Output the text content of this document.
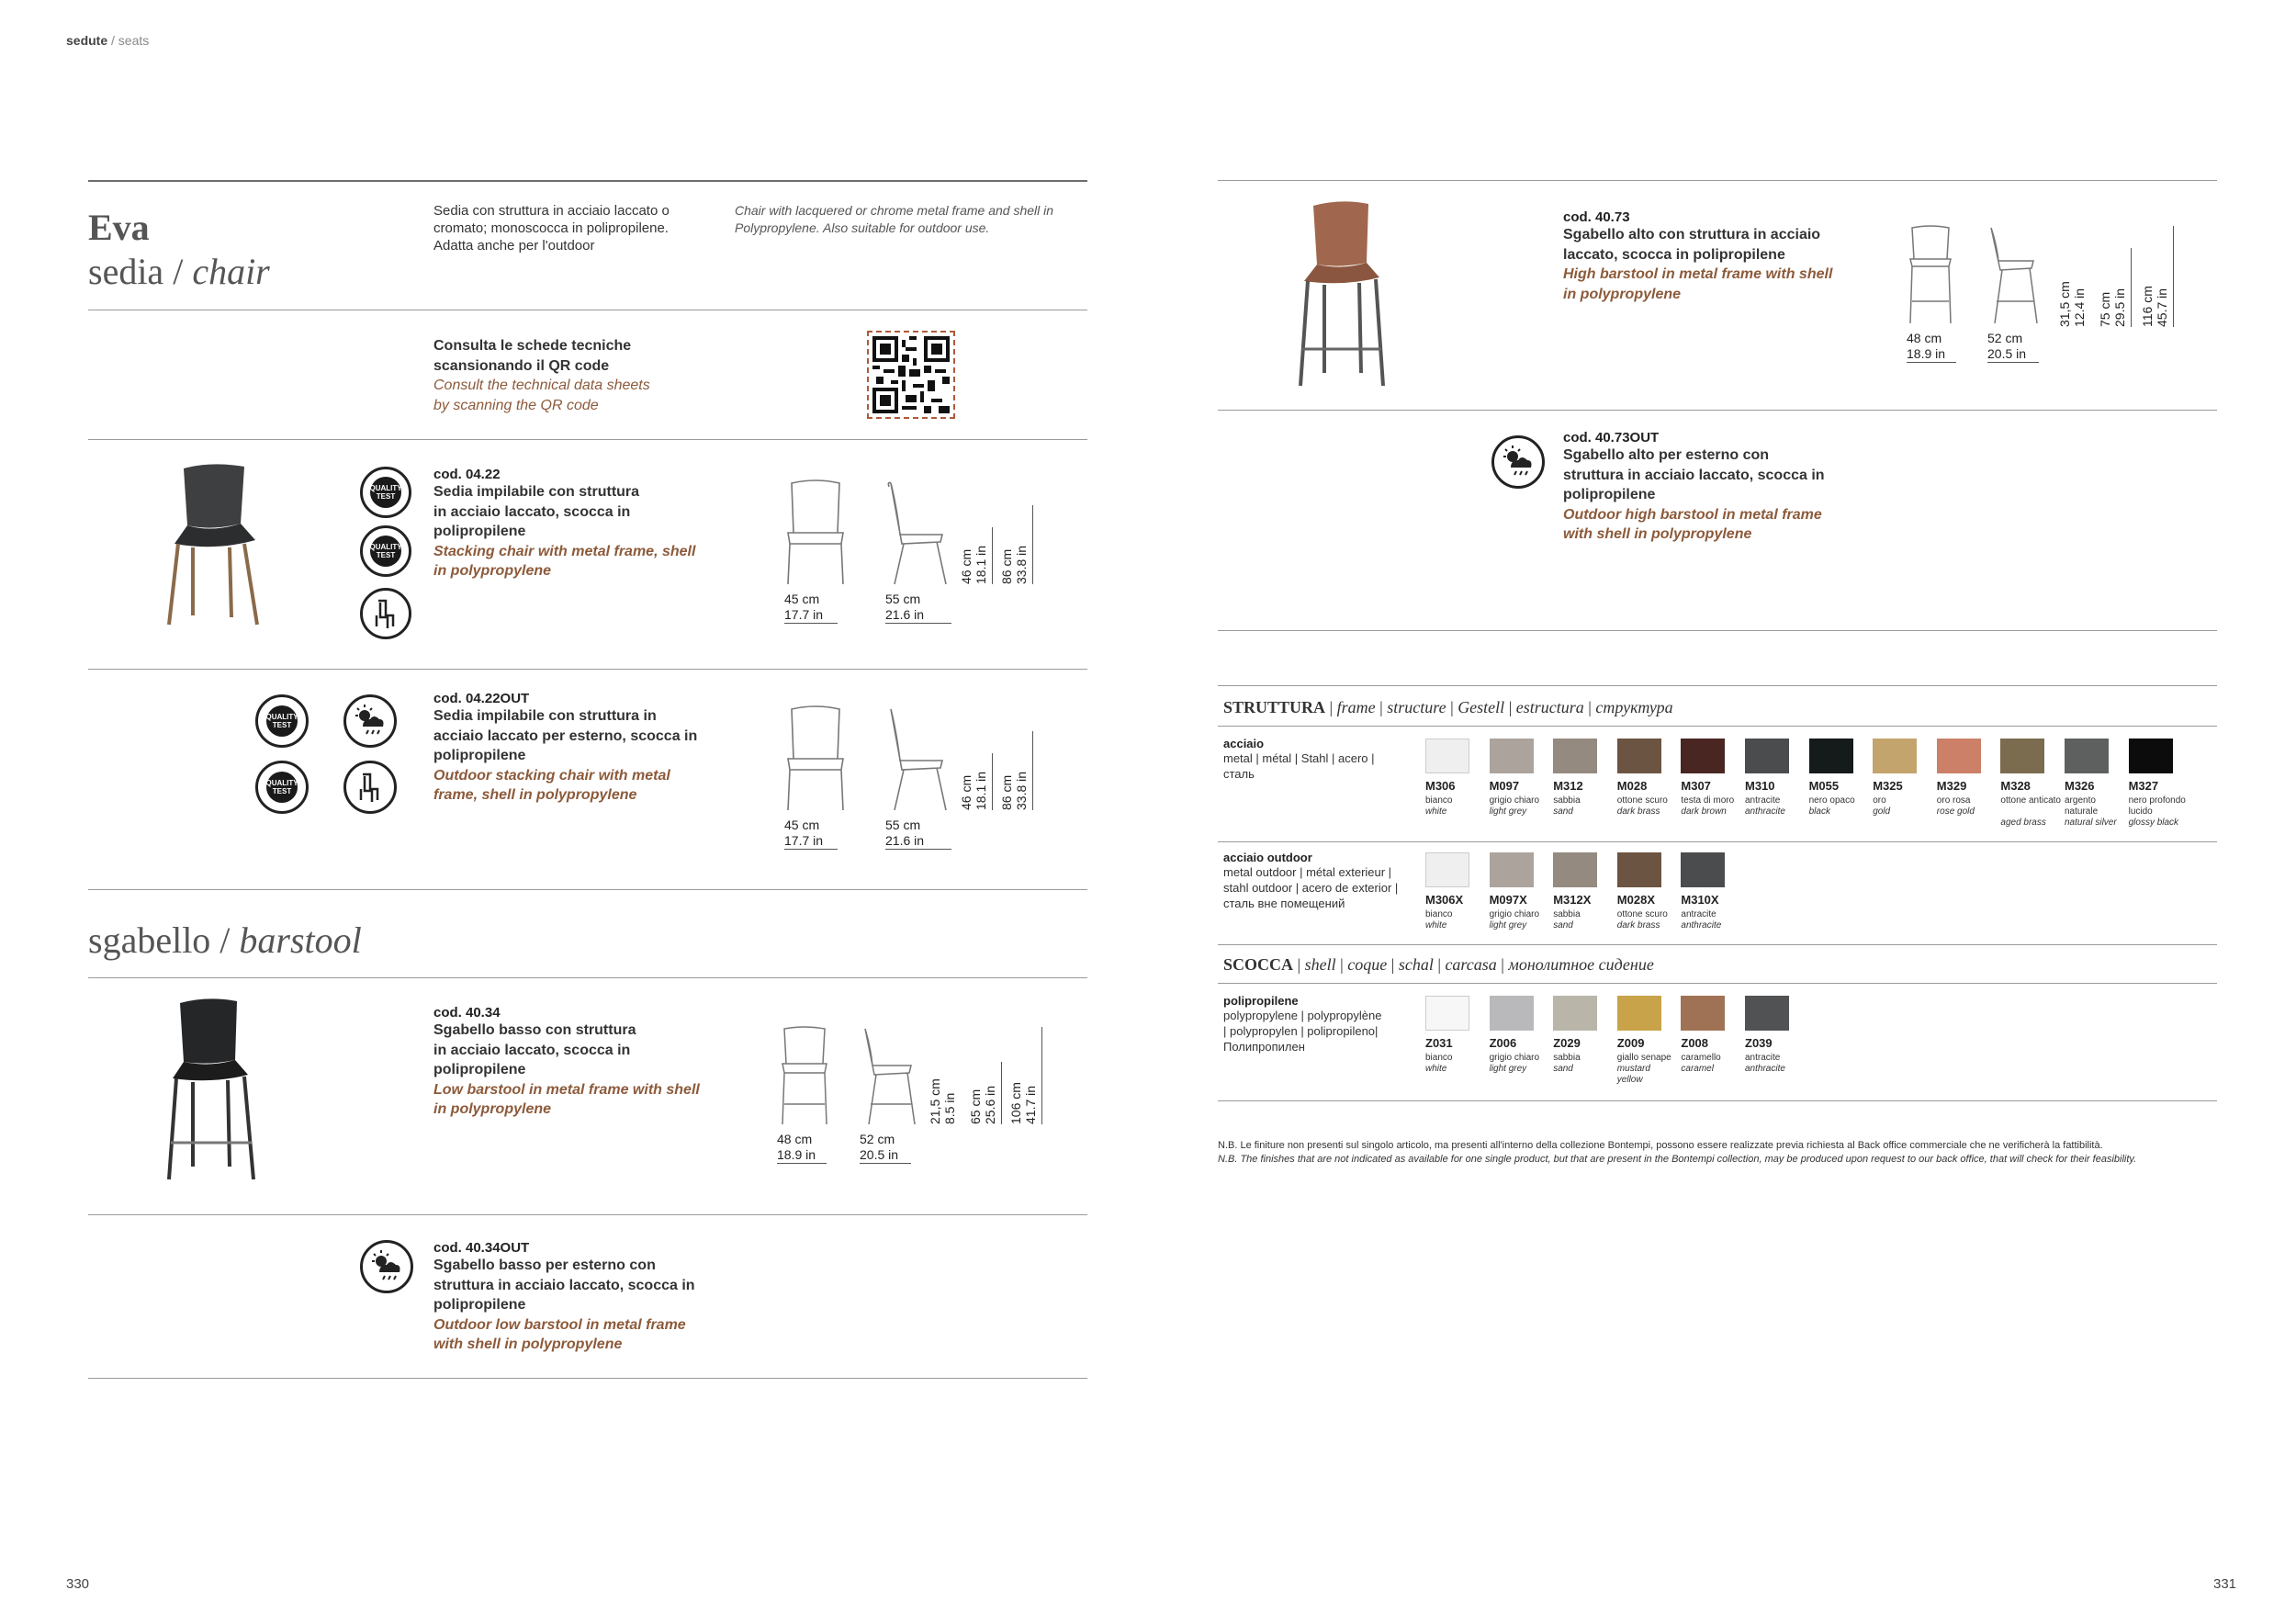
sedute / seats
Eva
sedia / chair
Sedia con struttura in acciaio laccato o
cromato; monoscocca in polipropilene.
Adatta anche per l'outdoor
Chair with lacquered or chrome metal frame and shell in
Polypropylene. Also suitable for outdoor use.
Consulta le schede tecniche
scansionando il QR code
Consult the technical data sheets
by scanning the QR code
QUALITY TEST
QUALITY TEST
cod. 04.22
Sedia impilabile con struttura
in acciaio laccato, scocca in
polipropilene
Stacking chair with metal frame, shell
in polypropylene
45 cm
17.7 in
55 cm
21.6 in
46 cm 18.1 in 86 cm 33.8 in
QUALITY TEST
QUALITY TEST
cod. 04.22OUT
Sedia impilabile con struttura in
acciaio laccato per esterno, scocca in
polipropilene
Outdoor stacking chair with metal
frame, shell in polypropylene
45 cm
17.7 in
55 cm
21.6 in
46 cm 18.1 in 86 cm 33.8 in
sgabello / barstool
cod. 40.34
Sgabello basso con struttura
in acciaio laccato, scocca in
polipropilene
Low barstool in metal frame with shell
in polypropylene
48 cm
18.9 in
52 cm
20.5 in
21,5 cm 8.5 in 65 cm 25.6 in 106 cm 41.7 in
cod. 40.34OUT
Sgabello basso per esterno con
struttura in acciaio laccato, scocca in
polipropilene
Outdoor low barstool in metal frame
with shell in polypropylene
330
cod. 40.73
Sgabello alto con struttura in acciaio
laccato, scocca in polipropilene
High barstool in metal frame with shell
in polypropylene
48 cm
18.9 in
52 cm
20.5 in
31,5 cm 12.4 in 75 cm 29.5 in 116 cm 45.7 in
cod. 40.73OUT
Sgabello alto per esterno con
struttura in acciaio laccato, scocca in
polipropilene
Outdoor high barstool in metal frame
with shell in polypropylene
STRUTTURA | frame | structure | Gestell | estructura | структура
acciaio
metal | métal | Stahl | acero |
сталь
M306
bianco
white
M097
grigio chiaro
light grey
M312
sabbia
sand
M028
ottone scuro
dark brass
M307
testa di moro
dark brown
M310
antracite
anthracite
M055
nero opaco
black
M325
oro
gold
M329
oro rosa
rose gold
M328
ottone anticato
aged brass
M326
argento naturale
natural silver
M327
nero profondo lucido
glossy black
acciaio outdoor
metal outdoor | métal exterieur |
stahl outdoor | acero de exterior |
сталь вне помещений	M306X
bianco
white
M097X
grigio chiaro
light grey
M312X
sabbia
sand
M028X
ottone scuro
dark brass
M310X
antracite
anthracite
SCOCCA | shell | coque | schal | carcasa | монолитное сидение
polipropilene
polypropylene | polypropylène
| polypropylen | polipropileno|
Полипропилен	Z031
bianco
white
Z006
grigio chiaro
light grey
Z029
sabbia
sand
Z009
giallo senape
mustard yellow
Z008
caramello
caramel
Z039
antracite
anthracite
N.B. Le finiture non presenti sul singolo articolo, ma presenti all'interno della collezione Bontempi, possono essere realizzate previa richiesta al Back office commerciale che ne verificherà la fattibilità.
N.B. The finishes that are not indicated as available for one single product, but that are present in the Bontempi collection, may be produced upon request to our back office, that will check for their feasibility.
331
